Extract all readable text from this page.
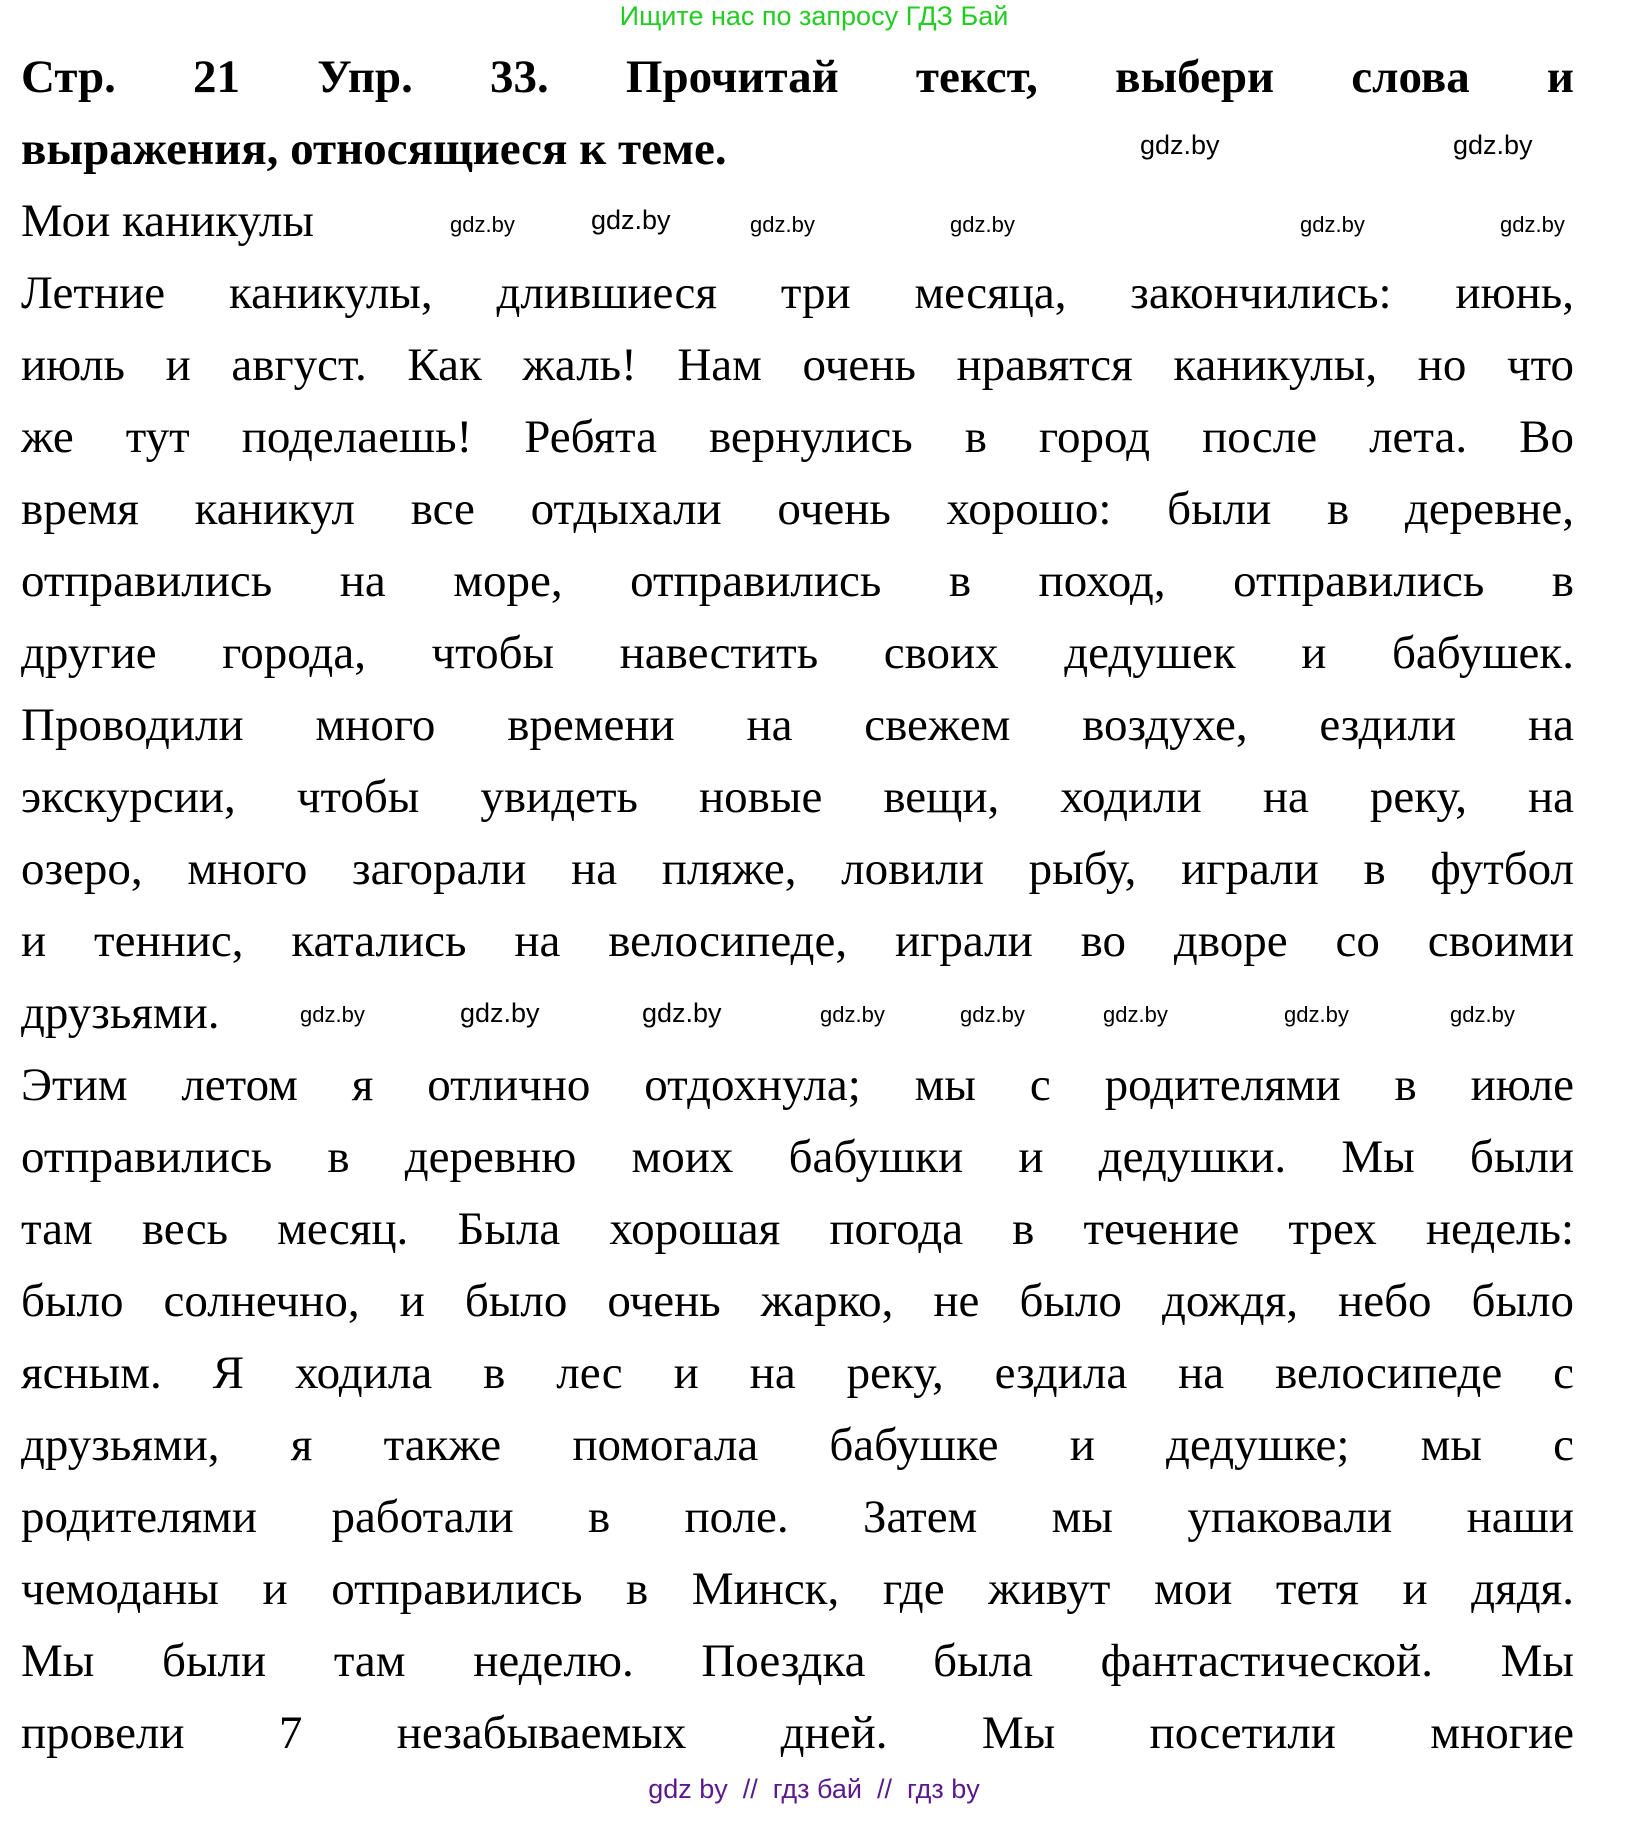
Ищите нас по запросу ГДЗ Бай
Стр. 21 Упр. 33. Прочитай текст, выбери слова и
выражения, относящиеся к теме.
Мои каникулы
Летние каникулы, длившиеся три месяца, закончились: июнь,
июль и август. Как жаль! Нам очень нравятся каникулы, но что
же тут поделаешь! Ребята вернулись в город после лета. Во
время каникул все отдыхали очень хорошо: были в деревне,
отправились на море, отправились в поход, отправились в
другие города, чтобы навестить своих дедушек и бабушек.
Проводили много времени на свежем воздухе, ездили на
экскурсии, чтобы увидеть новые вещи, ходили на реку, на
озеро, много загорали на пляже, ловили рыбу, играли в футбол
и теннис, катались на велосипеде, играли во дворе со своими
друзьями.
Этим летом я отлично отдохнула; мы с родителями в июле
отправились в деревню моих бабушки и дедушки. Мы были
там весь месяц. Была хорошая погода в течение трех недель:
было солнечно, и было очень жарко, не было дождя, небо было
ясным. Я ходила в лес и на реку, ездила на велосипеде с
друзьями, я также помогала бабушке и дедушке; мы с
родителями работали в поле. Затем мы упаковали наши
чемоданы и отправились в Минск, где живут мои тетя и дядя.
Мы были там неделю. Поездка была фантастической. Мы
провели 7 незабываемых дней. Мы посетили многие
gdz.by
gdz.by
gdz.by
gdz.by	gdz.by	gdz.by
gdz.by
gdz.by	gdz.by
gdz.by	gdz.by	gdz.by
gdz.by	gdz.by	gdz.by
gdz.by
gdz by  //  гдз бай  //  гдз by
